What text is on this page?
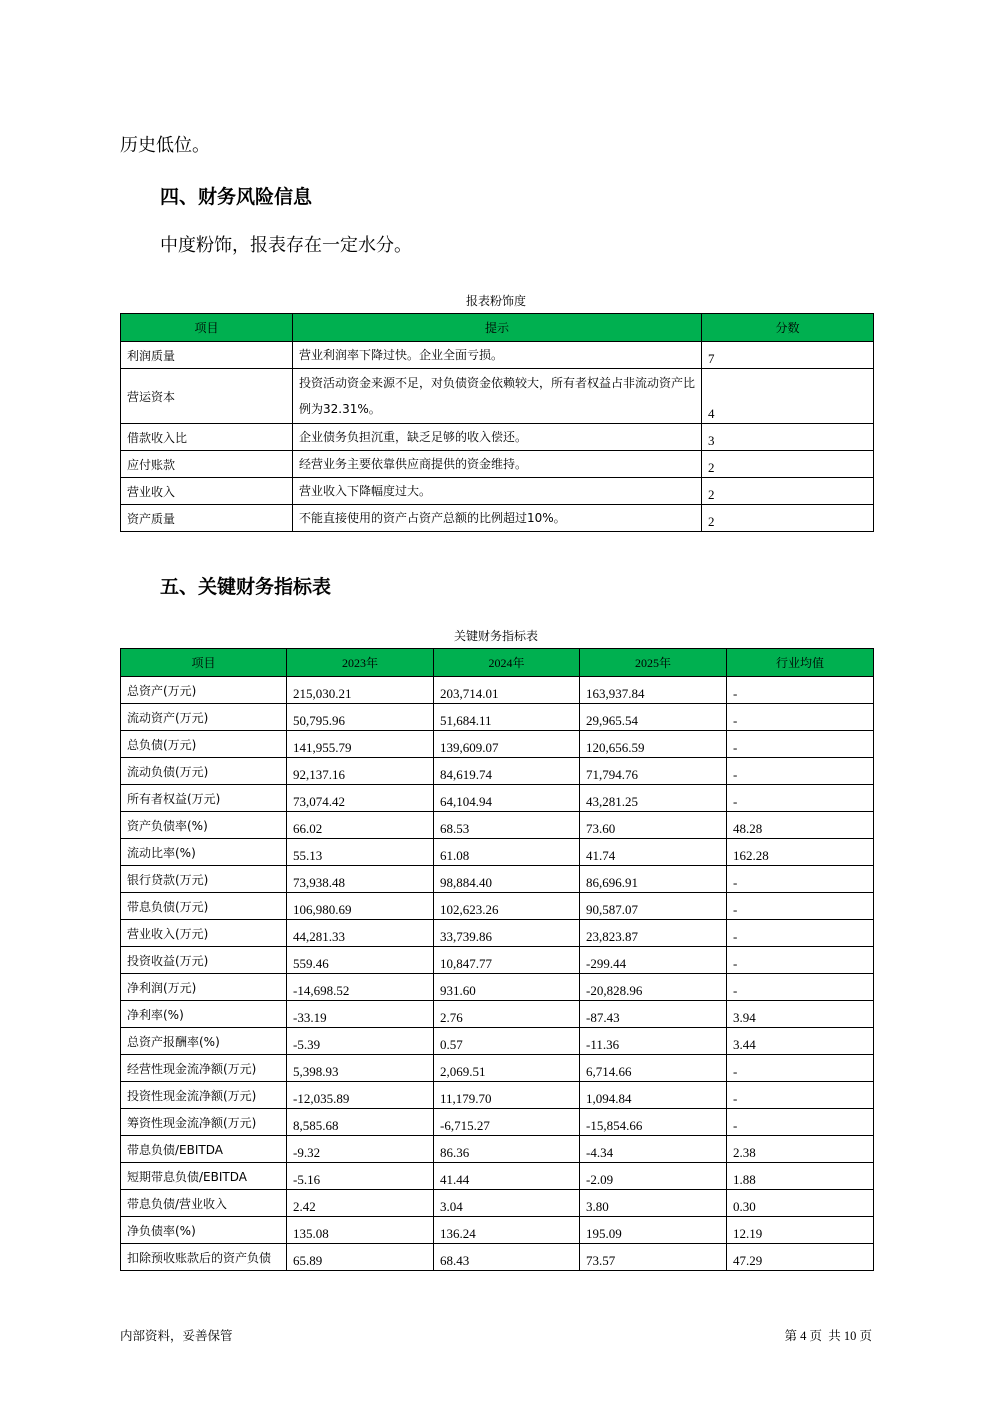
历史低位。
四、财务风险信息
中度粉饰，报表存在一定水分。
报表粉饰度
项目	提示	分数
利润质量	营业利润率下降过快。企业全面亏损。	7
营运资本	投资活动资金来源不足，对负债资金依赖较大，所有者权益占非流动资产比例为32.31%。	4
借款收入比	企业债务负担沉重，缺乏足够的收入偿还。	3
应付账款	经营业务主要依靠供应商提供的资金维持。	2
营业收入	营业收入下降幅度过大。	2
资产质量	不能直接使用的资产占资产总额的比例超过10%。	2
五、关键财务指标表
关键财务指标表
项目	2023年	2024年	2025年	行业均值
总资产(万元)	215,030.21	203,714.01	163,937.84	-
流动资产(万元)	50,795.96	51,684.11	29,965.54	-
总负债(万元)	141,955.79	139,609.07	120,656.59	-
流动负债(万元)	92,137.16	84,619.74	71,794.76	-
所有者权益(万元)	73,074.42	64,104.94	43,281.25	-
资产负债率(%)	66.02	68.53	73.60	48.28
流动比率(%)	55.13	61.08	41.74	162.28
银行贷款(万元)	73,938.48	98,884.40	86,696.91	-
带息负债(万元)	106,980.69	102,623.26	90,587.07	-
营业收入(万元)	44,281.33	33,739.86	23,823.87	-
投资收益(万元)	559.46	10,847.77	-299.44	-
净利润(万元)	-14,698.52	931.60	-20,828.96	-
净利率(%)	-33.19	2.76	-87.43	3.94
总资产报酬率(%)	-5.39	0.57	-11.36	3.44
经营性现金流净额(万元)	5,398.93	2,069.51	6,714.66	-
投资性现金流净额(万元)	-12,035.89	11,179.70	1,094.84	-
筹资性现金流净额(万元)	8,585.68	-6,715.27	-15,854.66	-
带息负债/EBITDA	-9.32	86.36	-4.34	2.38
短期带息负债/EBITDA	-5.16	41.44	-2.09	1.88
带息负债/营业收入	2.42	3.04	3.80	0.30
净负债率(%)	135.08	136.24	195.09	12.19
扣除预收账款后的资产负债	65.89	68.43	73.57	47.29
内部资料，妥善保管	第 4 页  共 10 页
